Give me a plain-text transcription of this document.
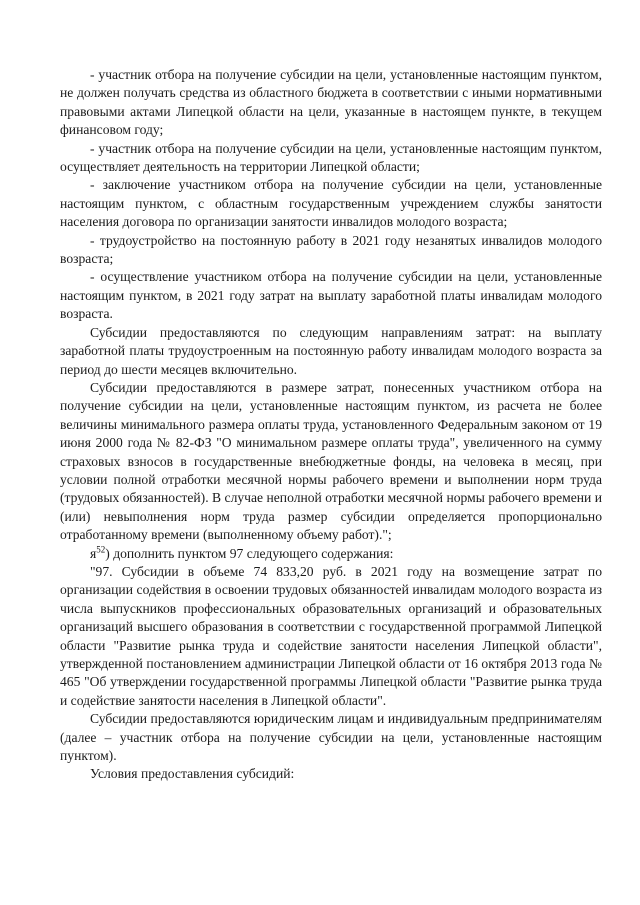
- участник отбора на получение субсидии на цели, установленные настоящим пунктом, не должен получать средства из областного бюджета в соответствии с иными нормативными правовыми актами Липецкой области на цели, указанные в настоящем пункте, в текущем финансовом году;

- участник отбора на получение субсидии на цели, установленные настоящим пунктом, осуществляет деятельность на территории Липецкой области;

- заключение участником отбора на получение субсидии на цели, установленные настоящим пунктом, с областным государственным учреждением службы занятости населения договора по организации занятости инвалидов молодого возраста;

- трудоустройство на постоянную работу в 2021 году незанятых инвалидов молодого возраста;

- осуществление участником отбора на получение субсидии на цели, установленные настоящим пунктом, в 2021 году затрат на выплату заработной платы инвалидам молодого возраста.

Субсидии предоставляются по следующим направлениям затрат: на выплату заработной платы трудоустроенным на постоянную работу инвалидам молодого возраста за период до шести месяцев включительно.

Субсидии предоставляются в размере затрат, понесенных участником отбора на получение субсидии на цели, установленные настоящим пунктом, из расчета не более величины минимального размера оплаты труда, установленного Федеральным законом от 19 июня 2000 года № 82-ФЗ "О минимальном размере оплаты труда", увеличенного на сумму страховых взносов в государственные внебюджетные фонды, на человека в месяц, при условии полной отработки месячной нормы рабочего времени и выполнении норм труда (трудовых обязанностей). В случае неполной отработки месячной нормы рабочего времени и (или) невыполнения норм труда размер субсидии определяется пропорционально отработанному времени (выполненному объему работ).";

$я^{52}$) дополнить пунктом 97 следующего содержания:

"97. Субсидии в объеме 74 833,20 руб. в 2021 году на возмещение затрат по организации содействия в освоении трудовых обязанностей инвалидам молодого возраста из числа выпускников профессиональных образовательных организаций и образовательных организаций высшего образования в соответствии с государственной программой Липецкой области "Развитие рынка труда и содействие занятости населения Липецкой области", утвержденной постановлением администрации Липецкой области от 16 октября 2013 года № 465 "Об утверждении государственной программы Липецкой области "Развитие рынка труда и содействие занятости населения в Липецкой области".

Субсидии предоставляются юридическим лицам и индивидуальным предпринимателям (далее – участник отбора на получение субсидии на цели, установленные настоящим пунктом).

Условия предоставления субсидий:
